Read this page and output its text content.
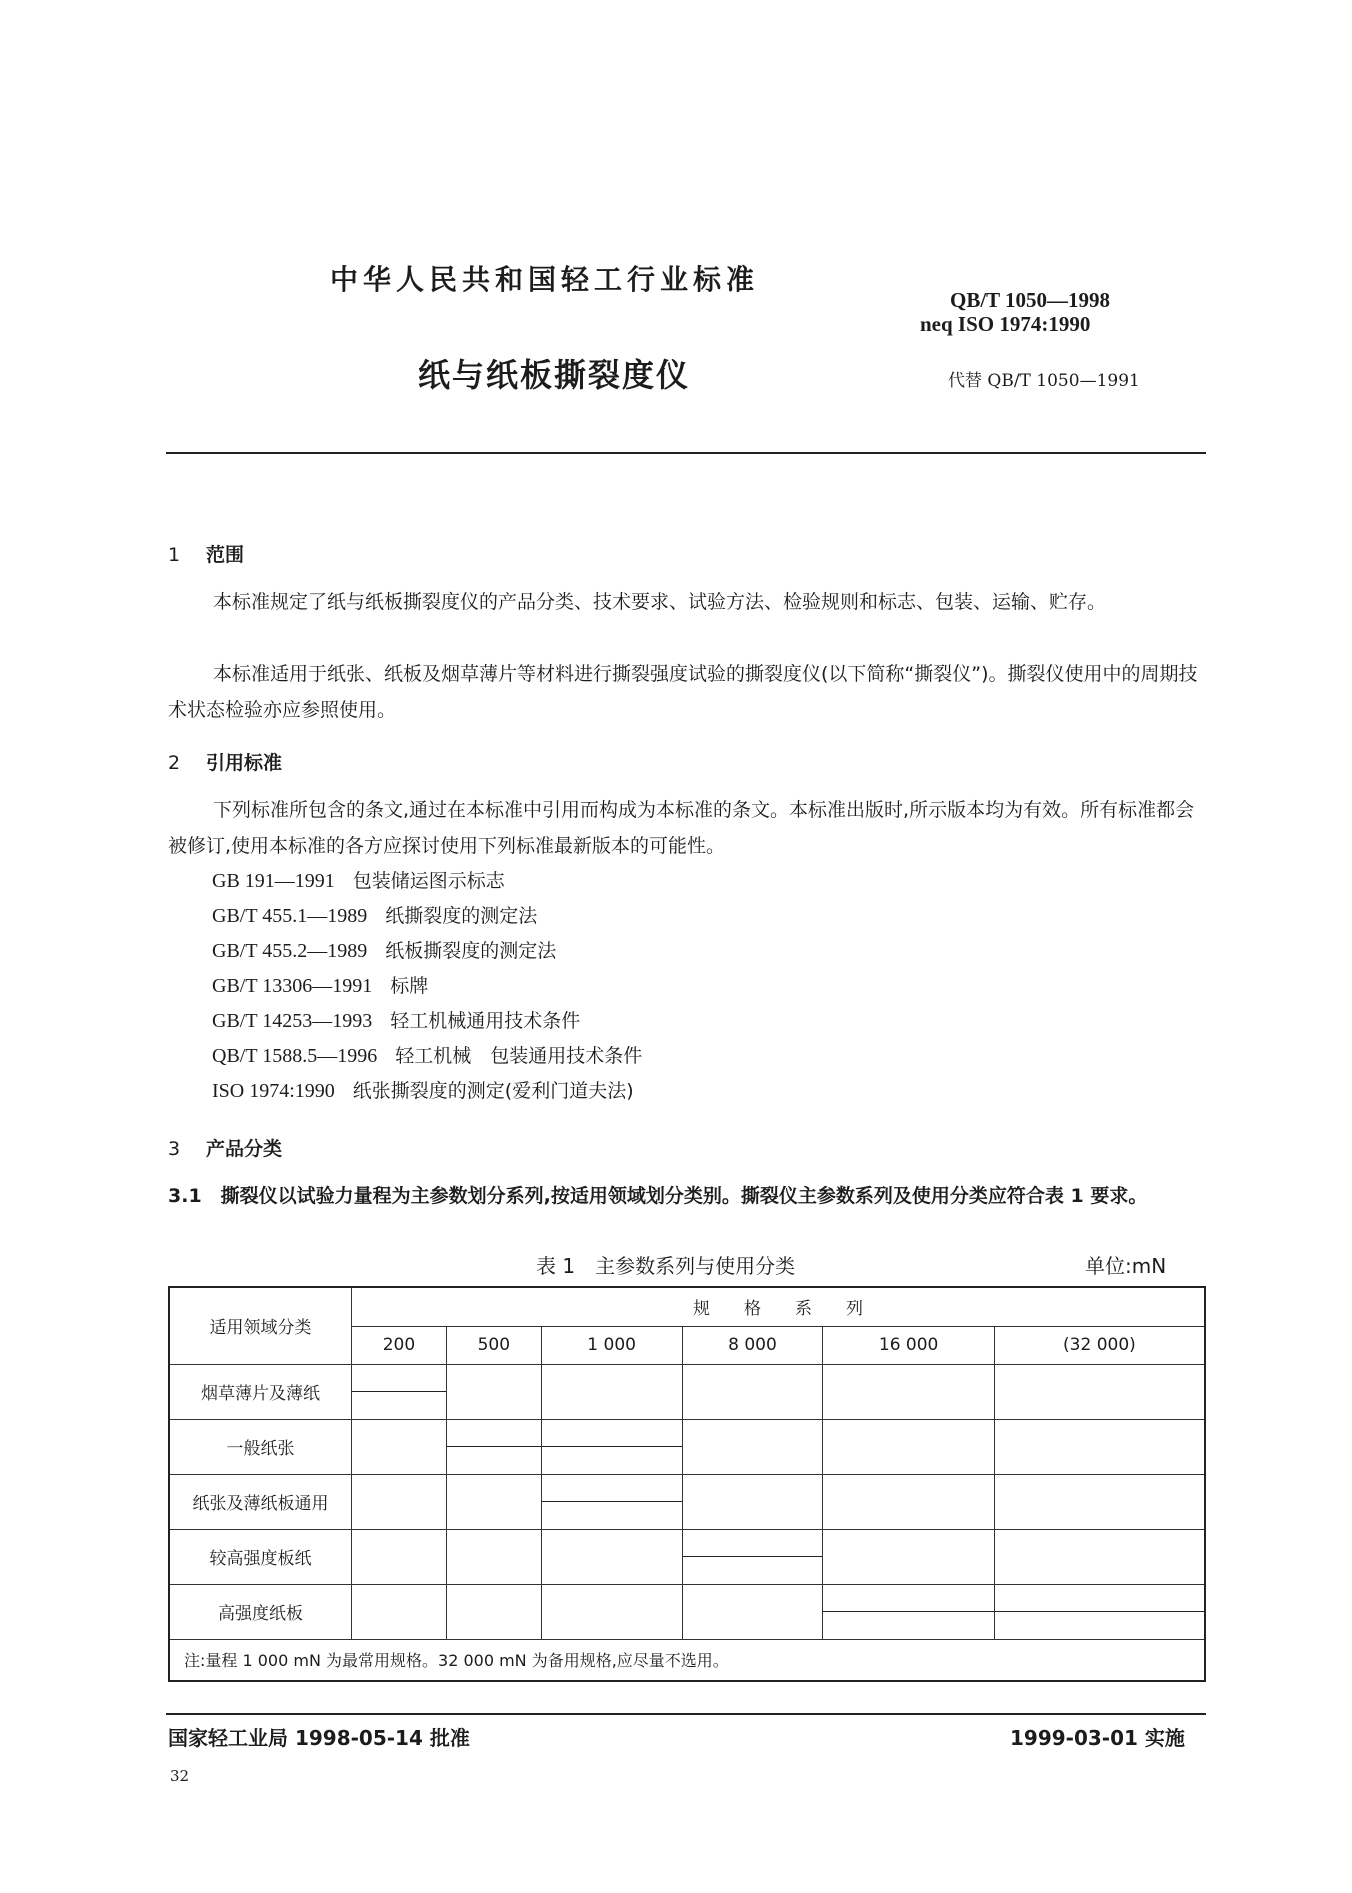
中华人民共和国轻工行业标准
QB/T 1050—1998
neq ISO 1974:1990
纸与纸板撕裂度仪	代替 QB/T 1050—1991
1 范围
本标准规定了纸与纸板撕裂度仪的产品分类、技术要求、试验方法、检验规则和标志、包装、运输、贮存。
本标准适用于纸张、纸板及烟草薄片等材料进行撕裂强度试验的撕裂度仪(以下简称“撕裂仪”)。撕裂仪使用中的周期技术状态检验亦应参照使用。
2 引用标准
下列标准所包含的条文,通过在本标准中引用而构成为本标准的条文。本标准出版时,所示版本均为有效。所有标准都会被修订,使用本标准的各方应探讨使用下列标准最新版本的可能性。
GB 191—1991 包装储运图示标志
GB/T 455.1—1989 纸撕裂度的测定法
GB/T 455.2—1989 纸板撕裂度的测定法
GB/T 13306—1991 标牌
GB/T 14253—1993 轻工机械通用技术条件
QB/T 1588.5—1996 轻工机械　包装通用技术条件
ISO 1974:1990 纸张撕裂度的测定(爱利门道夫法)
3 产品分类
3.1　撕裂仪以试验力量程为主参数划分系列,按适用领域划分类别。撕裂仪主参数系列及使用分类应符合表 1 要求。
表 1　主参数系列与使用分类	单位:mN
适用领域分类	规　　格　　系　　列					
	200	500	1 000	8 000	16 000	(32 000)
烟草薄片及薄纸	

一般纸张		

纸张及薄纸板通用			

较高强度板纸				

高强度纸板					

注:量程 1 000 mN 为最常用规格。32 000 mN 为备用规格,应尽量不选用。						
国家轻工业局 1998-05-14 批准	1999-03-01 实施
32
